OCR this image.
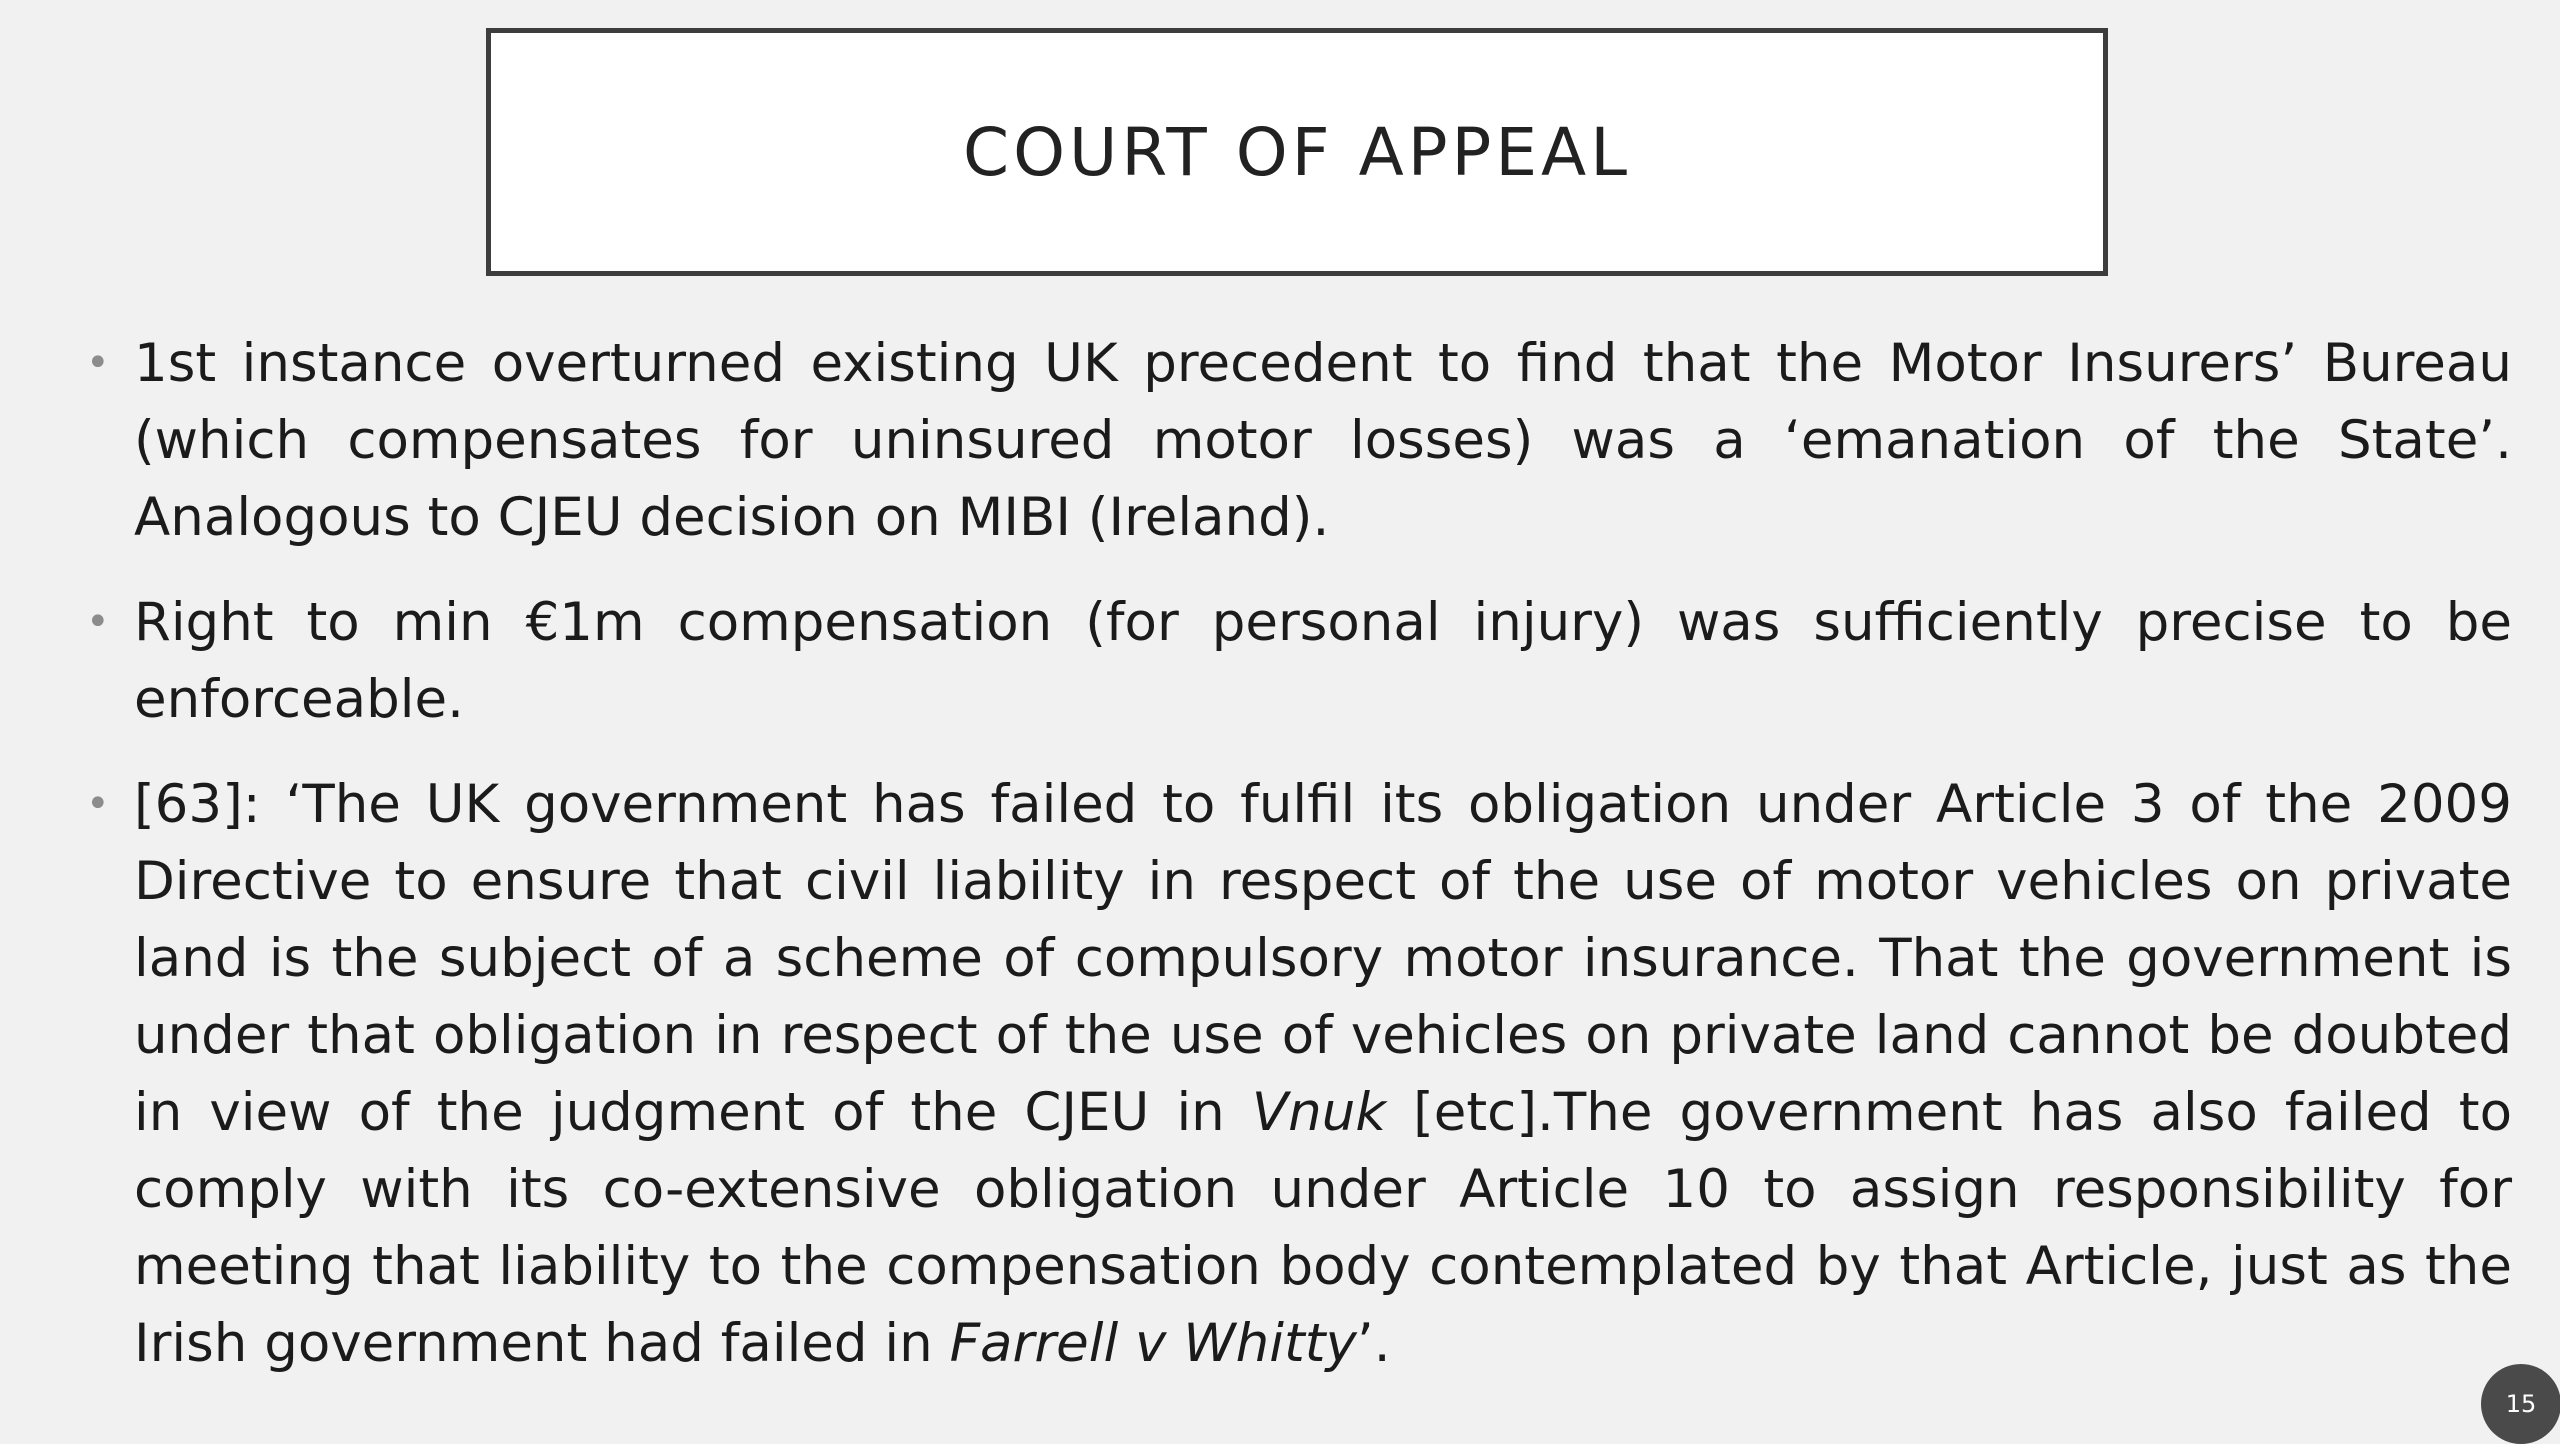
COURT OF APPEAL
• 1st instance overturned existing UK precedent to find that the Motor Insurers’ Bureau (which compensates for uninsured motor losses) was a ‘emanation of the State’. Analogous to CJEU decision on MIBI (Ireland).
• Right to min €1m compensation (for personal injury) was sufficiently precise to be enforceable.
• [63]: ‘The UK government has failed to fulfil its obligation under Article 3 of the 2009 Directive to ensure that civil liability in respect of the use of motor vehicles on private land is the subject of a scheme of compulsory motor insurance. That the government is under that obligation in respect of the use of vehicles on private land cannot be doubted in view of the judgment of the CJEU in Vnuk [etc].The government has also failed to comply with its co-extensive obligation under Article 10 to assign responsibility for meeting that liability to the compensation body contemplated by that Article, just as the Irish government had failed in Farrell v Whitty’.
15
